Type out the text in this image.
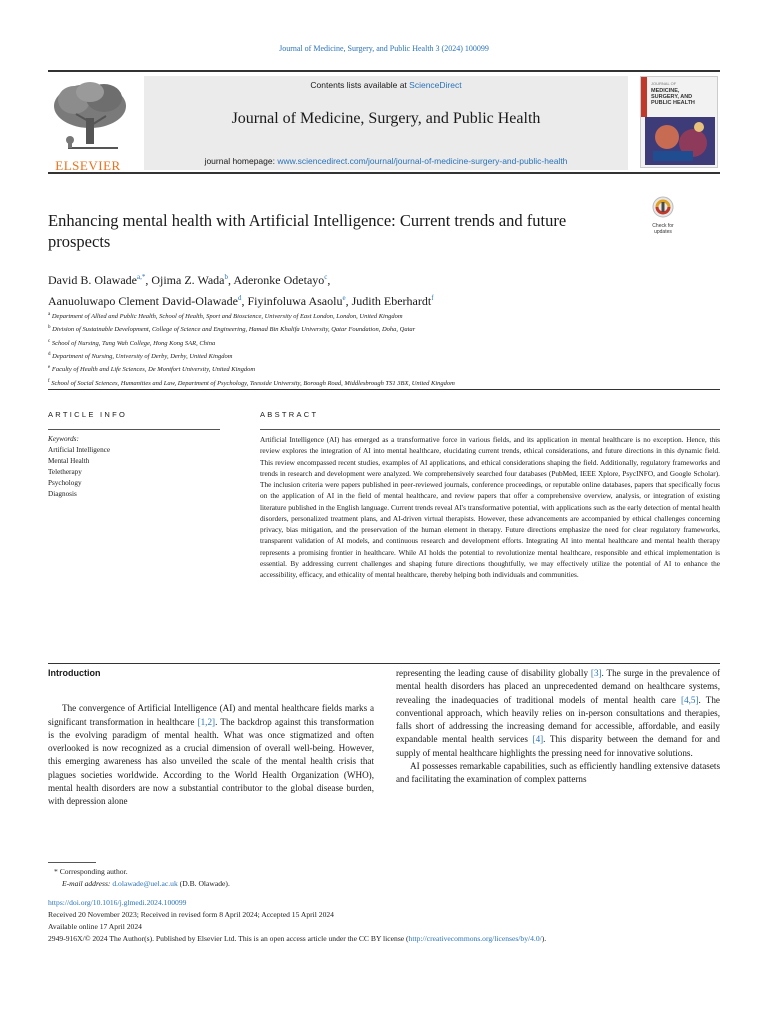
Journal of Medicine, Surgery, and Public Health 3 (2024) 100099
ELSEVIER
Contents lists available at ScienceDirect
Journal of Medicine, Surgery, and Public Health
journal homepage: www.sciencedirect.com/journal/journal-of-medicine-surgery-and-public-health
JOURNAL OF
MEDICINE,
SURGERY, AND
PUBLIC HEALTH
Enhancing mental health with Artificial Intelligence: Current trends and future prospects
Check for updates
David B. Olawade$^{a,*}$, Ojima Z. Wada$^b$, Aderonke Odetayo$^c$,
Aanuoluwapo Clement David-Olawade$^d$, Fiyinfoluwa Asaolu$^e$, Judith Eberhardt$^f$
$^a$ Department of Allied and Public Health, School of Health, Sport and Bioscience, University of East London, London, United Kingdom
$^b$ Division of Sustainable Development, College of Science and Engineering, Hamad Bin Khalifa University, Qatar Foundation, Doha, Qatar
$^c$ School of Nursing, Tung Wah College, Hong Kong SAR, China
$^d$ Department of Nursing, University of Derby, Derby, United Kingdom
$^e$ Faculty of Health and Life Sciences, De Montfort University, United Kingdom
$^f$ School of Social Sciences, Humanities and Law, Department of Psychology, Teesside University, Borough Road, Middlesbrough TS1 3BX, United Kingdom
ARTICLE INFO
Keywords:
Artificial Intelligence
Mental Health
Teletherapy
Psychology
Diagnosis
ABSTRACT
Artificial Intelligence (AI) has emerged as a transformative force in various fields, and its application in mental healthcare is no exception. Hence, this review explores the integration of AI into mental healthcare, elucidating current trends, ethical considerations, and future directions in this dynamic field. This review encompassed recent studies, examples of AI applications, and ethical considerations shaping the field. Additionally, regulatory frameworks and trends in research and development were analyzed. We comprehensively searched four databases (PubMed, IEEE Xplore, PsycINFO, and Google Scholar). The inclusion criteria were papers published in peer-reviewed journals, conference proceedings, or reputable online databases, papers that specifically focus on the application of AI in the field of mental healthcare, and review papers that offer a comprehensive overview, analysis, or integration of existing literature published in the English language. Current trends reveal AI's transformative potential, with applications such as the early detection of mental health disorders, personalized treatment plans, and AI-driven virtual therapists. However, these advancements are accompanied by ethical challenges concerning privacy, bias mitigation, and the preservation of the human element in therapy. Future directions emphasize the need for clear regulatory frameworks, transparent validation of AI models, and continuous research and development efforts. Integrating AI into mental healthcare and mental health therapy represents a promising frontier in healthcare. While AI holds the potential to revolutionize mental healthcare, responsible and ethical implementation is essential. By addressing current challenges and shaping future directions thoughtfully, we may effectively utilize the potential of AI to enhance the accessibility, efficacy, and ethicality of mental healthcare, thereby helping both individuals and communities.
Introduction

The convergence of Artificial Intelligence (AI) and mental healthcare fields marks a significant transformation in healthcare [1,2]. The backdrop against this transformation is the evolving paradigm of mental health. What was once stigmatized and often overlooked is now recognized as a crucial dimension of overall well-being. However, this emerging awareness has also unveiled the scale of the mental health crisis that plagues societies worldwide. According to the World Health Organization (WHO), mental health disorders are now a substantial contributor to the global disease burden, with depression alone

representing the leading cause of disability globally [3]. The surge in the prevalence of mental health disorders has placed an unprecedented demand on healthcare systems, revealing the inadequacies of traditional models of mental health care [4,5]. The conventional approach, which heavily relies on in-person consultations and therapies, falls short of addressing the increasing demand for accessible, affordable, and easily expandable mental health services [4]. This disparity between the demand for and supply of mental healthcare highlights the pressing need for innovative solutions.

AI possesses remarkable capabilities, such as efficiently handling extensive datasets and facilitating the examination of complex patterns

* Corresponding author.
E-mail address: d.olawade@uel.ac.uk (D.B. Olawade).
https://doi.org/10.1016/j.glmedi.2024.100099
Received 20 November 2023; Received in revised form 8 April 2024; Accepted 15 April 2024
Available online 17 April 2024
2949-916X/© 2024 The Author(s). Published by Elsevier Ltd. This is an open access article under the CC BY license (http://creativecommons.org/licenses/by/4.0/).
